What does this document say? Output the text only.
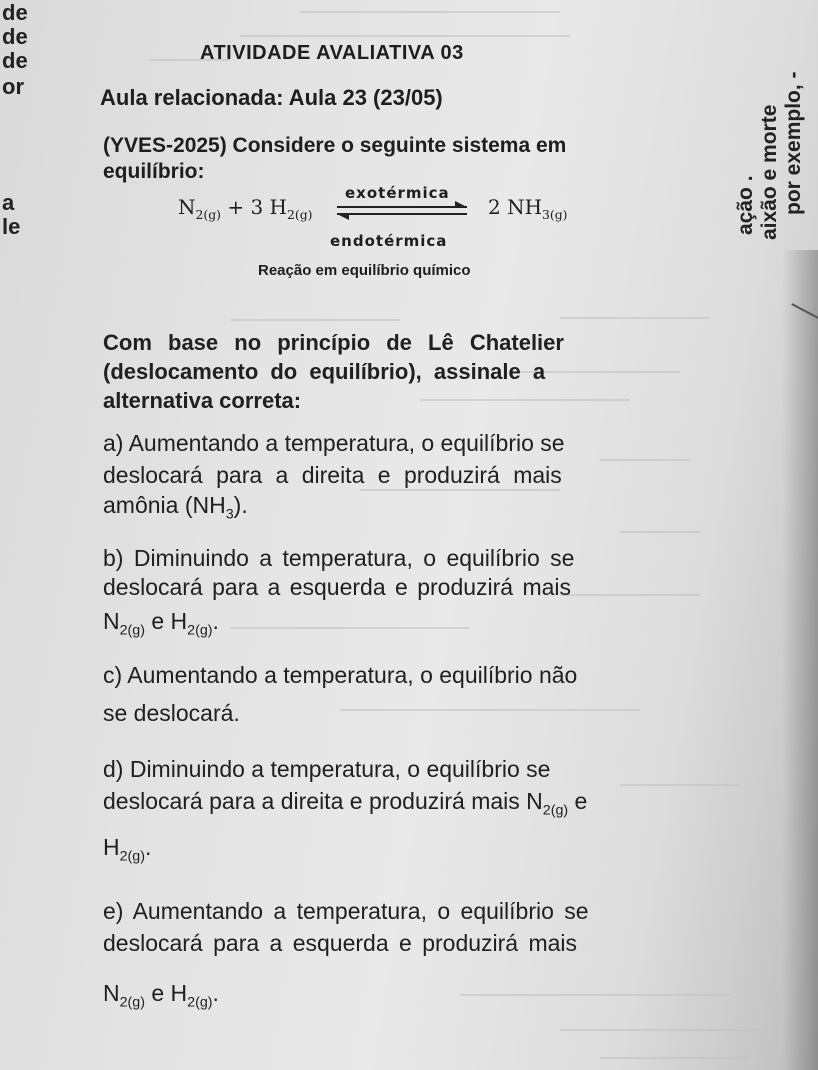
de
de
de
or
a
le
ATIVIDADE AVALIATIVA 03
Aula relacionada: Aula 23 (23/05)
(YVES-2025) Considere o seguinte sistema em
equilíbrio:
$N_{2(g)} + 3$ $H_{2(g)}$
exotérmica
endotérmica
2 $NH_{3(g)}$
Reação em equilíbrio químico
Com base no princípio de Lê Chatelier
(deslocamento do equilíbrio), assinale a
alternativa correta:
a) Aumentando a temperatura, o equilíbrio se
deslocará para a direita e produzirá mais
amônia $(NH_3)$.
b) Diminuindo a temperatura, o equilíbrio se
deslocará para a esquerda e produzirá mais
$N_{2(g)}$ e $H_{2(g)}$.
c) Aumentando a temperatura, o equilíbrio não
se deslocará.
d) Diminuindo a temperatura, o equilíbrio se
deslocará para a direita e produzirá mais $N_{2(g)}$ e
$H_{2(g)}$.
e) Aumentando a temperatura, o equilíbrio se
deslocará para a esquerda e produzirá mais
$N_{2(g)}$ e $H_{2(g)}$.
por exemplo, -
aixão e morte
ação .
